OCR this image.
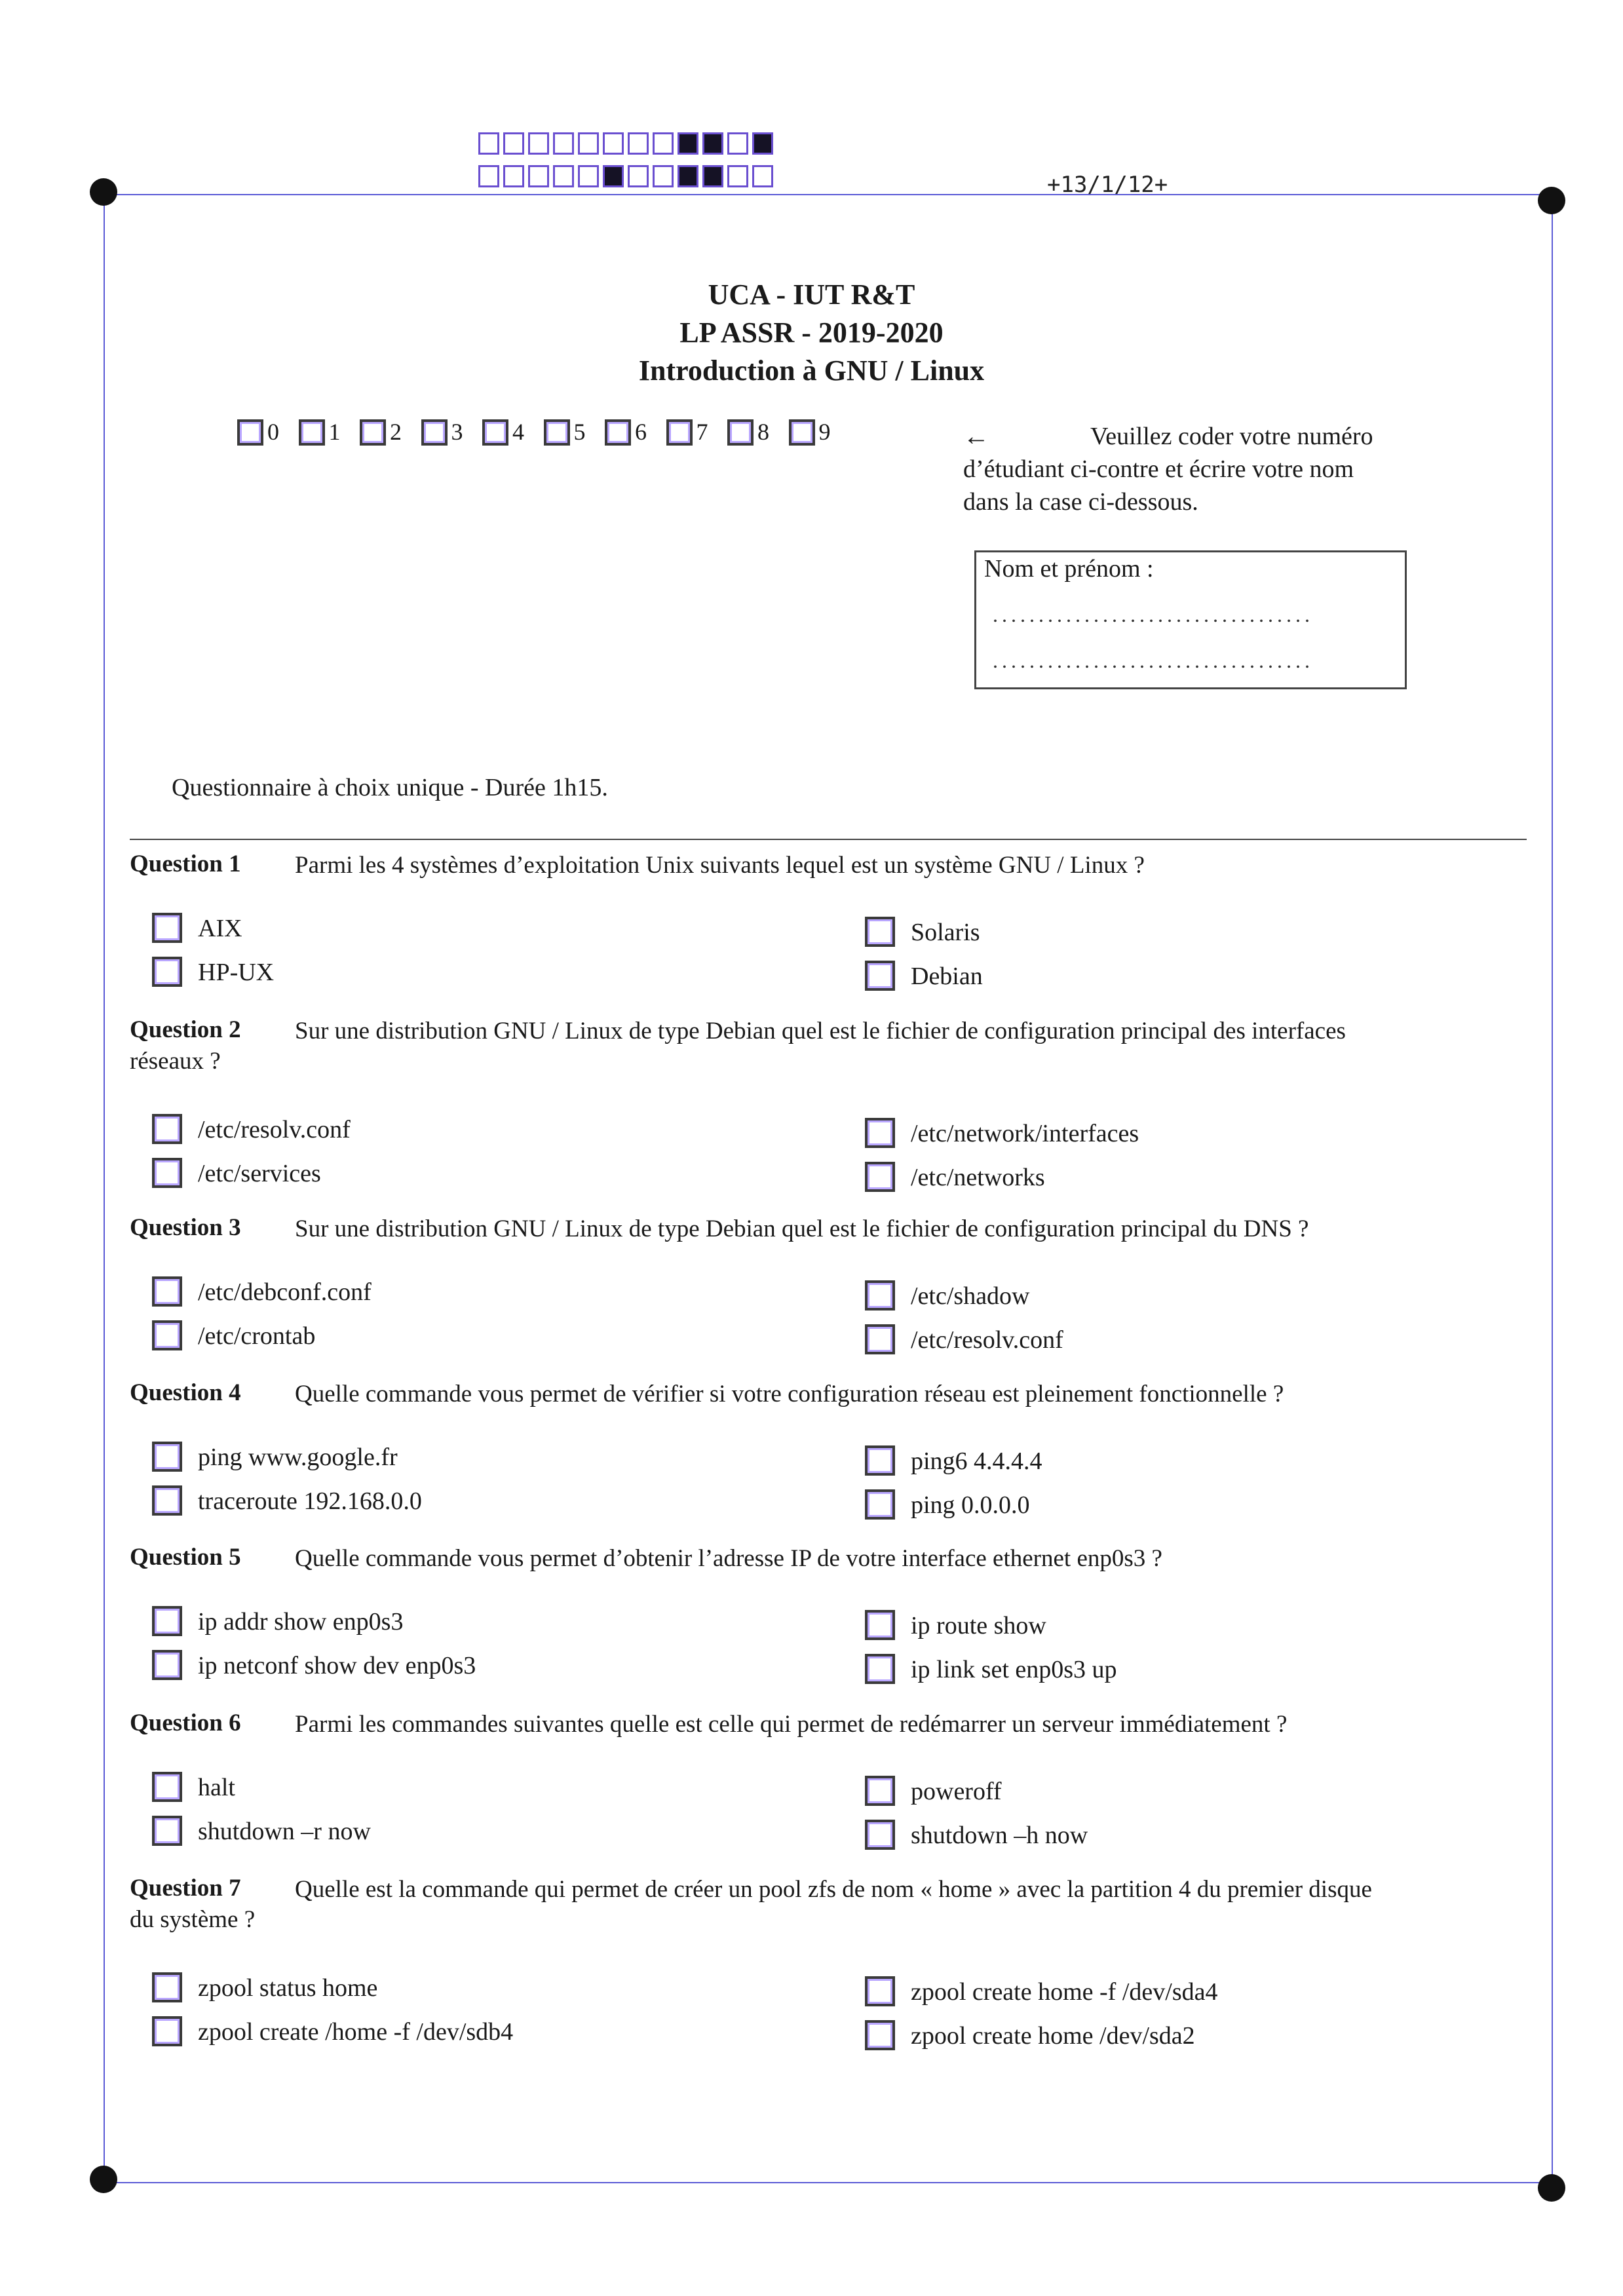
+13/1/12+
UCA - IUT R&T
LP ASSR - 2019-2020
Introduction à GNU / Linux
0 1 2 3 4 5 6 7 8 9	←	Veuillez coder votre numéro
d’étudiant ci-contre et écrire votre nom
dans la case ci-dessous.
Nom et prénom :
...................................
...................................
Questionnaire à choix unique - Durée 1h15.
Question 1 Parmi les 4 systèmes d’exploitation Unix suivants lequel est un système GNU / Linux ?
AIX
HP-UX
Solaris
Debian
Question 2 Sur une distribution GNU / Linux de type Debian quel est le fichier de configuration principal des interfaces
réseaux ?
/etc/resolv.conf
/etc/services
/etc/network/interfaces
/etc/networks
Question 3 Sur une distribution GNU / Linux de type Debian quel est le fichier de configuration principal du DNS ?
/etc/debconf.conf
/etc/crontab
/etc/shadow
/etc/resolv.conf
Question 4 Quelle commande vous permet de vérifier si votre configuration réseau est pleinement fonctionnelle ?
ping www.google.fr
traceroute 192.168.0.0
ping6 4.4.4.4
ping 0.0.0.0
Question 5 Quelle commande vous permet d’obtenir l’adresse IP de votre interface ethernet enp0s3 ?
ip addr show enp0s3
ip netconf show dev enp0s3
ip route show
ip link set enp0s3 up
Question 6 Parmi les commandes suivantes quelle est celle qui permet de redémarrer un serveur immédiatement ?
halt
shutdown –r now
poweroff
shutdown –h now
Question 7 Quelle est la commande qui permet de créer un pool zfs de nom « home » avec la partition 4 du premier disque
du système ?
zpool status home
zpool create /home -f /dev/sdb4
zpool create home -f /dev/sda4
zpool create home /dev/sda2
